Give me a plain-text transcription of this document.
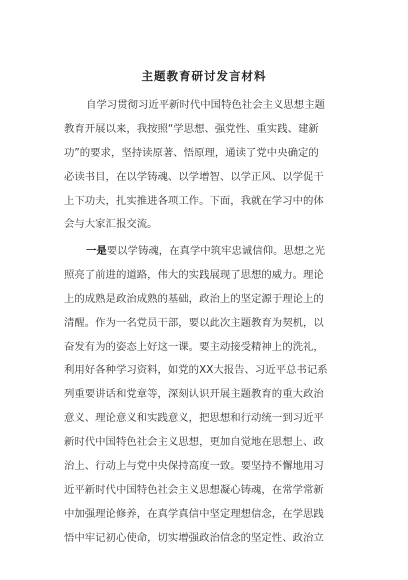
主题教育研讨发言材料
自学习贯彻习近平新时代中国特色社会主义思想主题
教育开展以来，我按照“学思想、强党性、重实践、建新
功”的要求，坚持读原著、悟原理，通读了党中央确定的
必读书目，在以学铸魂、以学增智、以学正风、以学促干
上下功夫，扎实推进各项工作。下面，我就在学习中的体
会与大家汇报交流。
一是要以学铸魂，在真学中筑牢忠诚信仰。思想之光
照亮了前进的道路，伟大的实践展现了思想的威力。理论
上的成熟是政治成熟的基础，政治上的坚定源于理论上的
清醒。作为一名党员干部，要以此次主题教育为契机，以
奋发有为的姿态上好这一课。要主动接受精神上的洗礼，
利用好各种学习资料，如党的XX大报告、习近平总书记系
列重要讲话和党章等，深刻认识开展主题教育的重大政治
意义、理论意义和实践意义，把思想和行动统一到习近平
新时代中国特色社会主义思想，更加自觉地在思想上、政
治上、行动上与党中央保持高度一致。要坚持不懈地用习
近平新时代中国特色社会主义思想凝心铸魂，在常学常新
中加强理论修养，在真学真信中坚定理想信念，在学思践
悟中牢记初心使命，切实增强政治信念的坚定性、政治立
